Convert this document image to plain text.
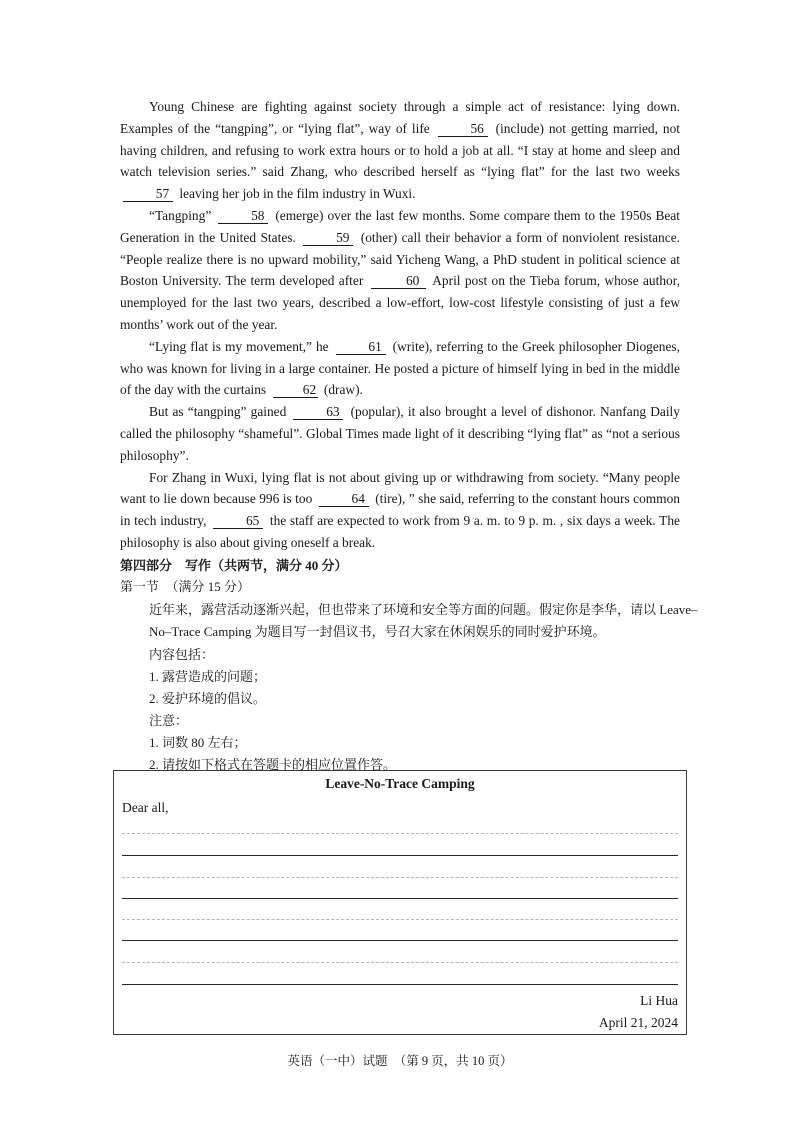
Young Chinese are fighting against society through a simple act of resistance: lying down. Examples of the “tangping”, or “lying flat”, way of life	56 (include) not getting married, not having children, and refusing to work extra hours or to hold a job at all. “I stay at home and sleep and watch television series.” said Zhang, who described herself as “lying flat” for the last two weeks 57 leaving her job in the film industry in Wuxi.

“Tangping”	58 (emerge) over the last few months. Some compare them to the 1950s Beat Generation in the United States.	59 (other) call their behavior a form of nonviolent resistance. “People realize there is no upward mobility,” said Yicheng Wang, a PhD student in political science at Boston University. The term developed after	60 April post on the Tieba forum, whose author, unemployed for the last two years, described a low-effort, low-cost lifestyle consisting of just a few months’ work out of the year.

“Lying flat is my movement,” he	61 (write), referring to the Greek philosopher Diogenes, who was known for living in a large container. He posted a picture of himself lying in bed in the middle of the day with the curtains	62 (draw).

But as “tangping” gained	63 (popular), it also brought a level of dishonor. Nanfang Daily called the philosophy “shameful”. Global Times made light of it describing “lying flat” as “not a serious philosophy”.

For Zhang in Wuxi, lying flat is not about giving up or withdrawing from society. “Many people want to lie down because 996 is too	64 (tire), ” she said, referring to the constant hours common in tech industry,	65 the staff are expected to work from 9 a. m. to 9 p. m. , six days a week. The philosophy is also about giving oneself a break.

第四部分　写作（共两节，满分 40 分）
第一节　（满分 15 分）
近年来，露营活动逐渐兴起，但也带来了环境和安全等方面的问题。假定你是李华，请以 Leave–No–Trace Camping 为题目写一封倡议书，号召大家在休闲娱乐的同时爱护环境。
内容包括：
1. 露营造成的问题；
2. 爱护环境的倡议。
注意：
1. 词数 80 左右；
2. 请按如下格式在答题卡的相应位置作答。
Leave-No-Trace Camping
Dear all,
Li Hua
April 21, 2024
英语（一中）试题　（第 9 页，共 10 页）
